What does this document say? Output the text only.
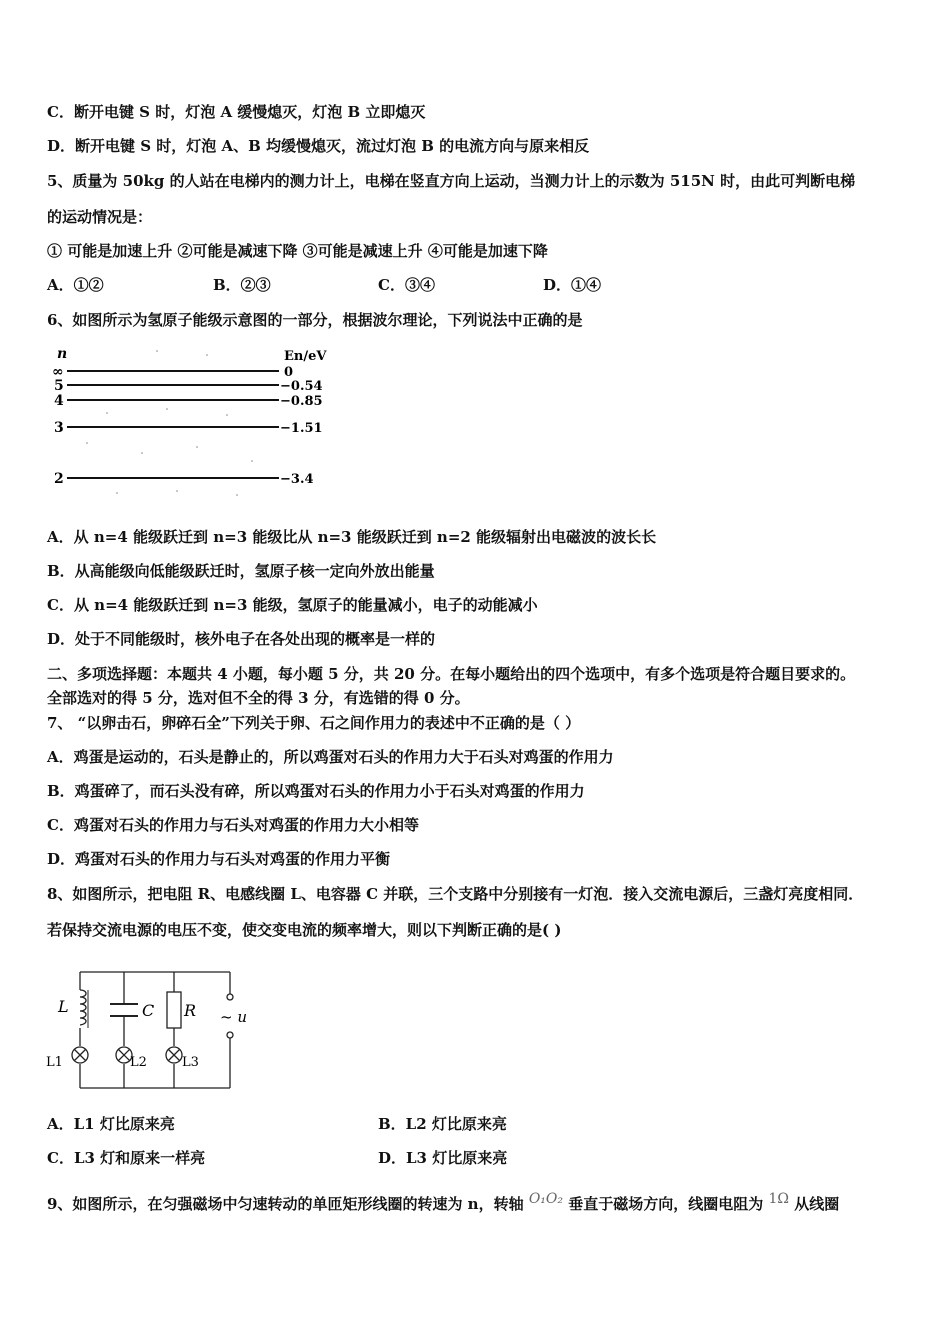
C．断开电键 S 时，灯泡 A 缓慢熄灭，灯泡 B 立即熄灭
D．断开电键 S 时，灯泡 A、B 均缓慢熄灭，流过灯泡 B 的电流方向与原来相反
5、质量为 50kg 的人站在电梯内的测力计上，电梯在竖直方向上运动，当测力计上的示数为 515N 时，由此可判断电梯
的运动情况是：
① 可能是加速上升 ②可能是减速下降 ③可能是减速上升 ④可能是加速下降
A．①②	B．②③	C．③④	D．①④
6、如图所示为氢原子能级示意图的一部分，根据波尔理论，下列说法中正确的是
n	En/eV
∞	0
5	−0.54
4	−0.85
3	−1.51
2	−3.4
A．从 n=4 能级跃迁到 n=3 能级比从 n=3 能级跃迁到 n=2 能级辐射出电磁波的波长长
B．从高能级向低能级跃迁时，氢原子核一定向外放出能量
C．从 n=4 能级跃迁到 n=3 能级，氢原子的能量减小，电子的动能减小
D．处于不同能级时，核外电子在各处出现的概率是一样的
二、多项选择题：本题共 4 小题，每小题 5 分，共 20 分。在每小题给出的四个选项中，有多个选项是符合题目要求的。
全部选对的得 5 分，选对但不全的得 3 分，有选错的得 0 分。
7、 “以卵击石，卵碎石全”下列关于卵、石之间作用力的表述中不正确的是（ ）
A．鸡蛋是运动的，石头是静止的，所以鸡蛋对石头的作用力大于石头对鸡蛋的作用力
B．鸡蛋碎了，而石头没有碎，所以鸡蛋对石头的作用力小于石头对鸡蛋的作用力
C．鸡蛋对石头的作用力与石头对鸡蛋的作用力大小相等
D．鸡蛋对石头的作用力与石头对鸡蛋的作用力平衡
8、如图所示，把电阻 R、电感线圈 L、电容器 C 并联，三个支路中分别接有一灯泡．接入交流电源后，三盏灯亮度相同．
若保持交流电源的电压不变，使交变电流的频率增大，则以下判断正确的是( )
L	C R ~ u
L1	L2	L3
A．L1 灯比原来亮	B．L2 灯比原来亮
C．L3 灯和原来一样亮	D．L3 灯比原来亮
9、如图所示，在匀强磁场中匀速转动的单匝矩形线圈的转速为 n，转轴 O₁O₂ 垂直于磁场方向，线圈电阻为 1Ω 从线圈
